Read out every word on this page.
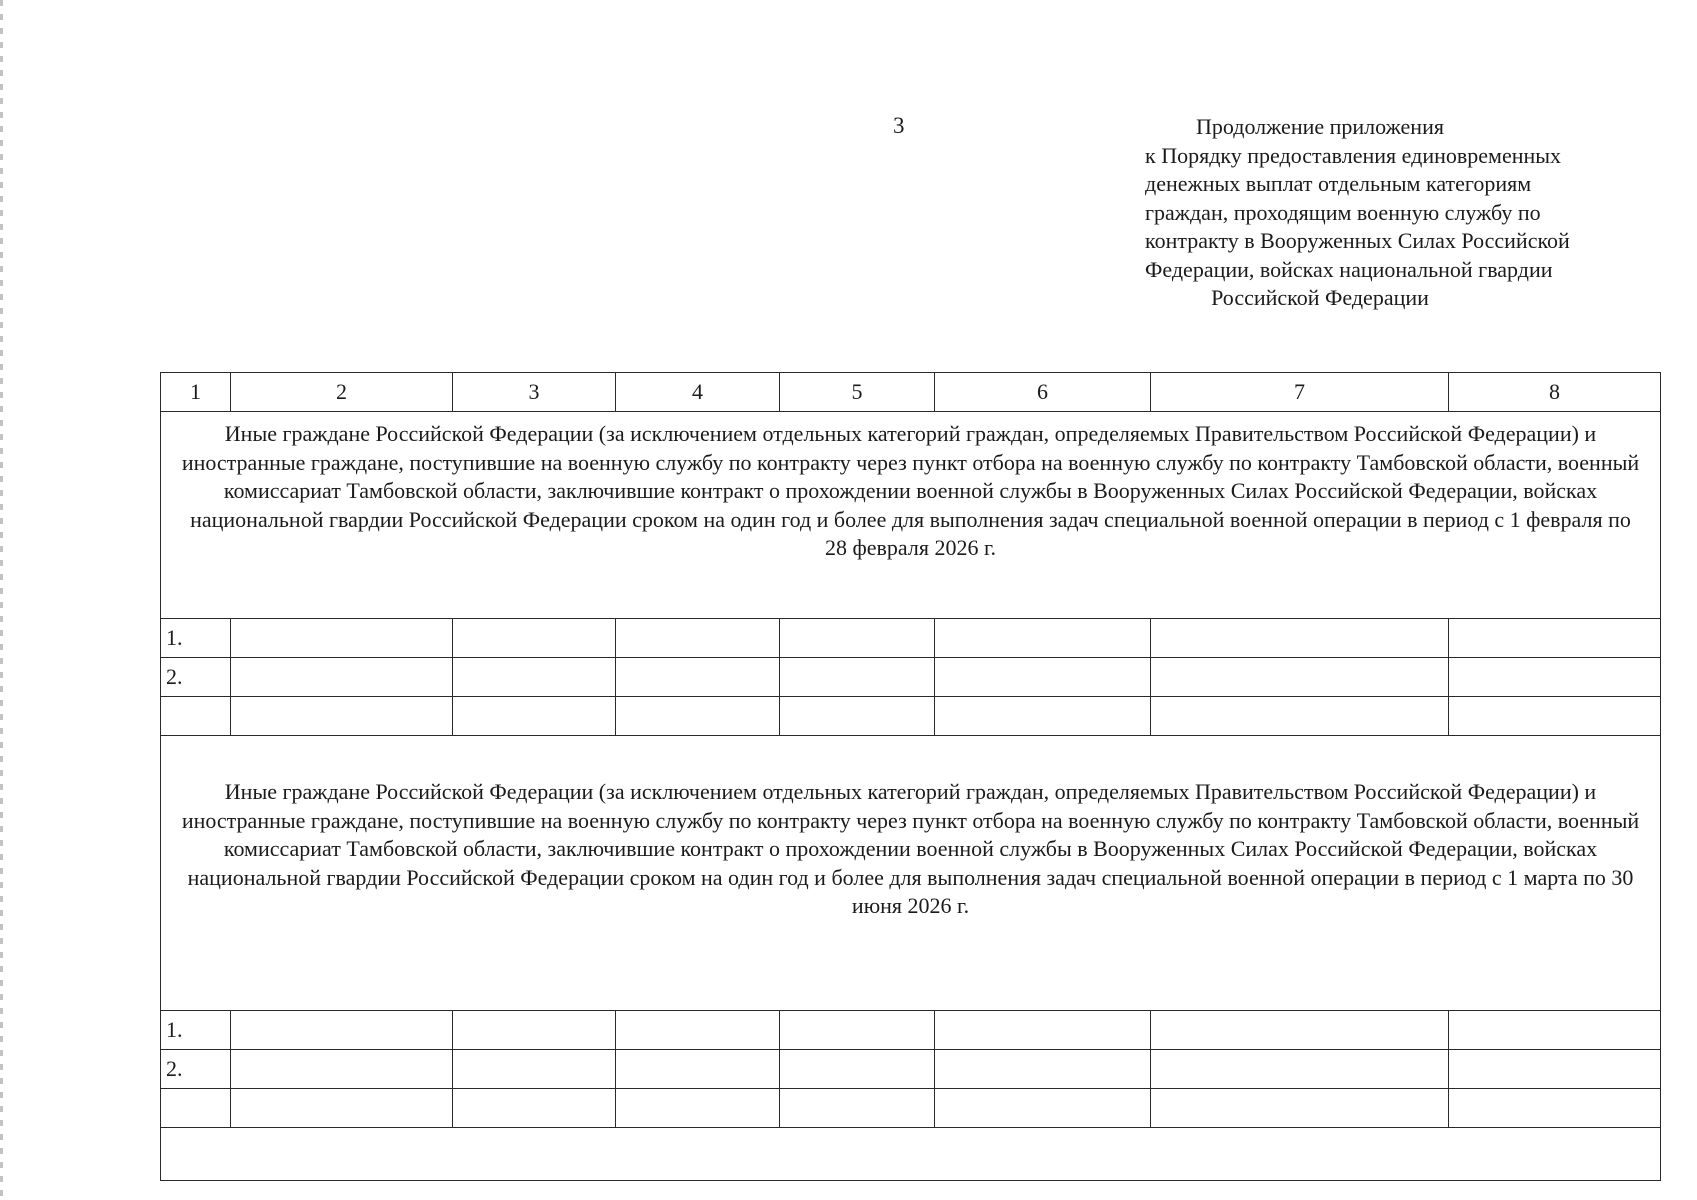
3	Продолжение приложения
к Порядку предоставления единовременных
денежных выплат отдельным категориям
граждан, проходящим военную службу по
контракту в Вооруженных Силах Российской
Федерации, войсках национальной гвардии
Российской Федерации
1	2	3	4	5	6	7	8
Иные граждане Российской Федерации (за исключением отдельных категорий граждан, определяемых Правительством Российской Федерации) и иностранные граждане, поступившие на военную службу по контракту через пункт отбора на военную службу по контракту Тамбовской области, военный комиссариат Тамбовской области, заключившие контракт о прохождении военной службы в Вооруженных Силах Российской Федерации, войсках национальной гвардии Российской Федерации сроком на один год и более для выполнения задач специальной военной операции в период с 1 февраля по 28 февраля 2026 г.							
1.							
2.							

Иные граждане Российской Федерации (за исключением отдельных категорий граждан, определяемых Правительством Российской Федерации) и иностранные граждане, поступившие на военную службу по контракту через пункт отбора на военную службу по контракту Тамбовской области, военный комиссариат Тамбовской области, заключившие контракт о прохождении военной службы в Вооруженных Силах Российской Федерации, войсках национальной гвардии Российской Федерации сроком на один год и более для выполнения задач специальной военной операции в период с 1 марта по 30 июня 2026 г.							
1.							
2.							
